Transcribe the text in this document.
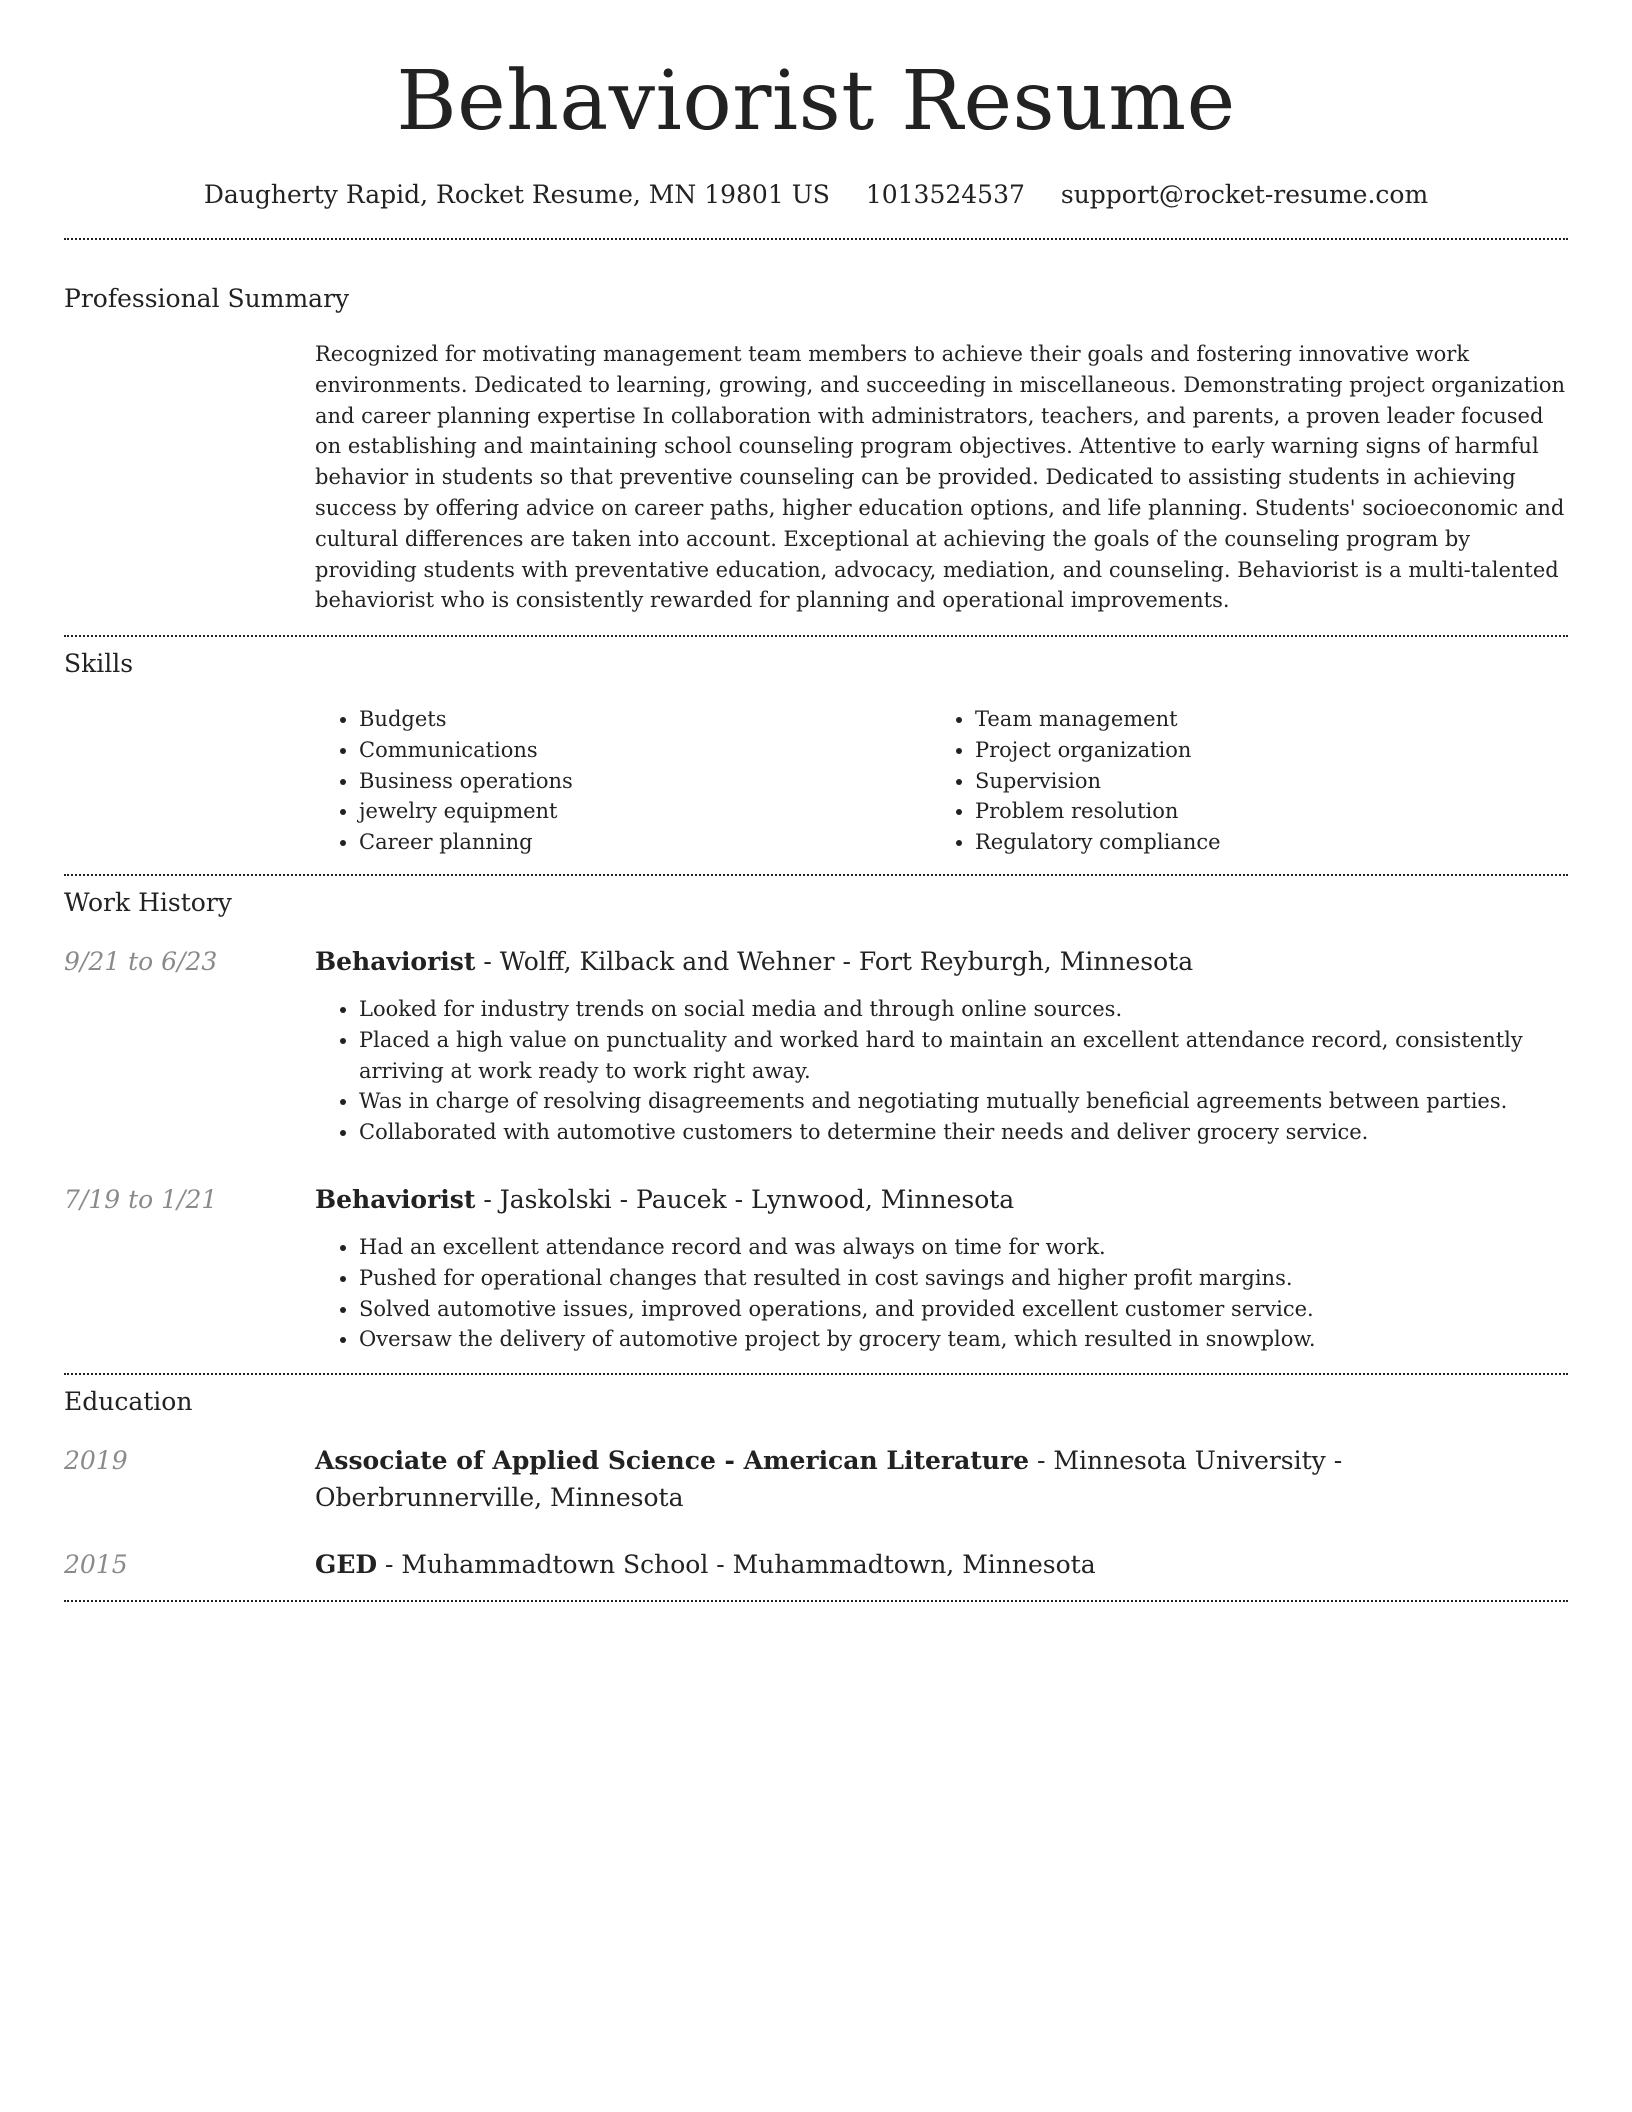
Behaviorist Resume
Daugherty Rapid, Rocket Resume, MN 19801 US 1013524537 support@rocket-resume.com
Professional Summary

Recognized for motivating management team members to achieve their goals and fostering innovative work environments. Dedicated to learning, growing, and succeeding in miscellaneous. Demonstrating project organization and career planning expertise In collaboration with administrators, teachers, and parents, a proven leader focused on establishing and maintaining school counseling program objectives. Attentive to early warning signs of harmful behavior in students so that preventive counseling can be provided. Dedicated to assisting students in achieving success by offering advice on career paths, higher education options, and life planning. Students' socioeconomic and cultural differences are taken into account. Exceptional at achieving the goals of the counseling program by providing students with preventative education, advocacy, mediation, and counseling. Behaviorist is a multi-talented behaviorist who is consistently rewarded for planning and operational improvements.

Skills
• Budgets
• Communications
• Business operations
• jewelry equipment
• Career planning
• Team management
• Project organization
• Supervision
• Problem resolution
• Regulatory compliance
Work History
9/21 to 6/23	Behaviorist - Wolff, Kilback and Wehner - Fort Reyburgh, Minnesota

• Looked for industry trends on social media and through online sources.
• Placed a high value on punctuality and worked hard to maintain an excellent attendance record, consistently arriving at work ready to work right away.
• Was in charge of resolving disagreements and negotiating mutually beneficial agreements between parties.
• Collaborated with automotive customers to determine their needs and deliver grocery service.
7/19 to 1/21	Behaviorist - Jaskolski - Paucek - Lynwood, Minnesota

• Had an excellent attendance record and was always on time for work.
• Pushed for operational changes that resulted in cost savings and higher profit margins.
• Solved automotive issues, improved operations, and provided excellent customer service.
• Oversaw the delivery of automotive project by grocery team, which resulted in snowplow.
Education
2019	Associate of Applied Science - American Literature - Minnesota University - Oberbrunnerville, Minnesota

2015	GED - Muhammadtown School - Muhammadtown, Minnesota
